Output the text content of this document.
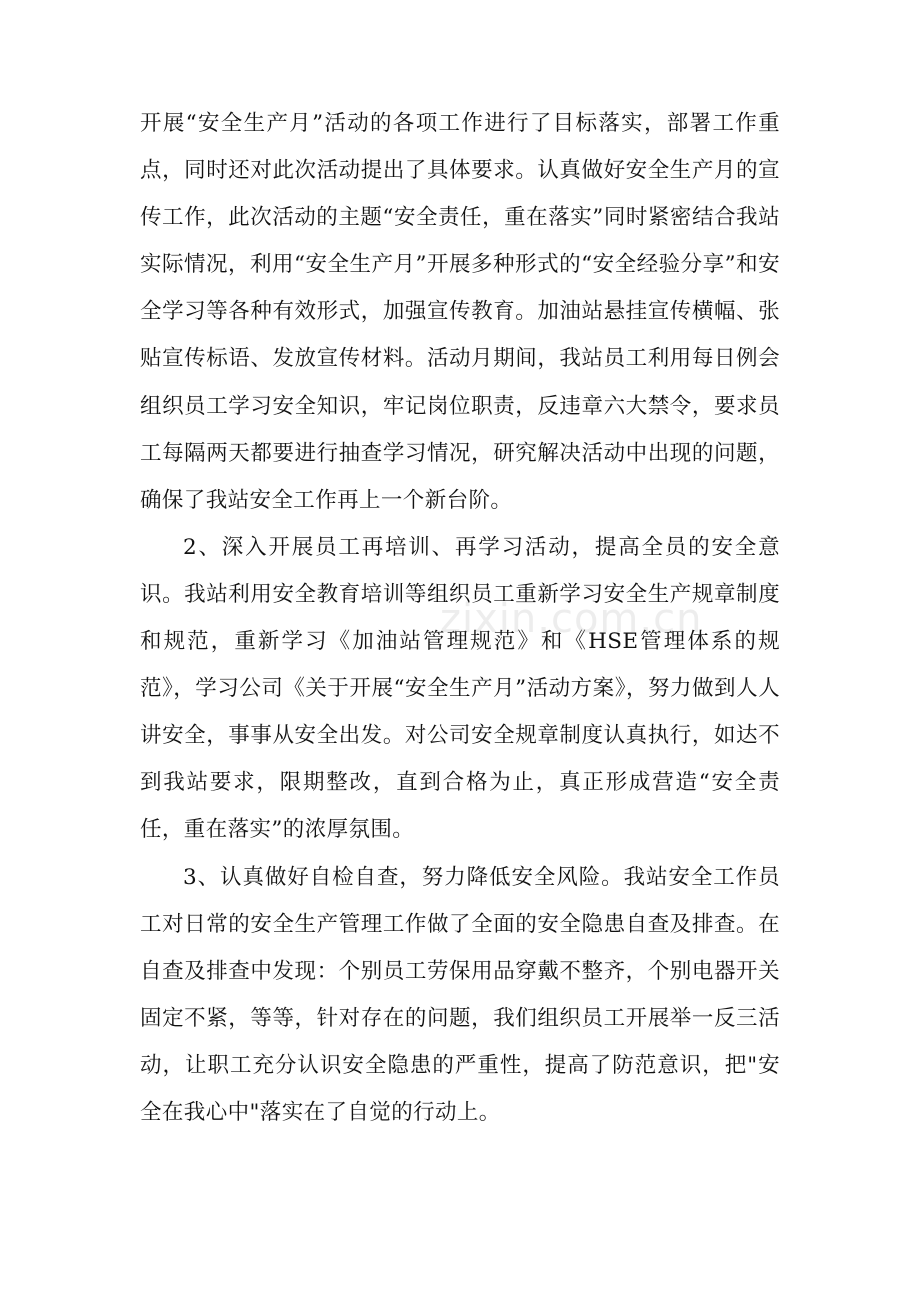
开展“安全生产月”活动的各项工作进行了目标落实，部署工作重点，同时还对此次活动提出了具体要求。认真做好安全生产月的宣传工作，此次活动的主题“安全责任，重在落实”同时紧密结合我站实际情况，利用“安全生产月”开展多种形式的“安全经验分享”和安全学习等各种有效形式，加强宣传教育。加油站悬挂宣传横幅、张贴宣传标语、发放宣传材料。活动月期间，我站员工利用每日例会组织员工学习安全知识，牢记岗位职责，反违章六大禁令，要求员工每隔两天都要进行抽查学习情况，研究解决活动中出现的问题，确保了我站安全工作再上一个新台阶。

2、深入开展员工再培训、再学习活动，提高全员的安全意识。我站利用安全教育培训等组织员工重新学习安全生产规章制度和规范，重新学习《加油站管理规范》和《HSE管理体系的规范》，学习公司《关于开展“安全生产月”活动方案》，努力做到人人讲安全，事事从安全出发。对公司安全规章制度认真执行，如达不到我站要求，限期整改，直到合格为止，真正形成营造“安全责任，重在落实”的浓厚氛围。

3、认真做好自检自查，努力降低安全风险。我站安全工作员工对日常的安全生产管理工作做了全面的安全隐患自查及排查。在自查及排查中发现：个别员工劳保用品穿戴不整齐，个别电器开关固定不紧，等等，针对存在的问题，我们组织员工开展举一反三活动，让职工充分认识安全隐患的严重性，提高了防范意识，把"安全在我心中"落实在了自觉的行动上。

zixin.com.cn
